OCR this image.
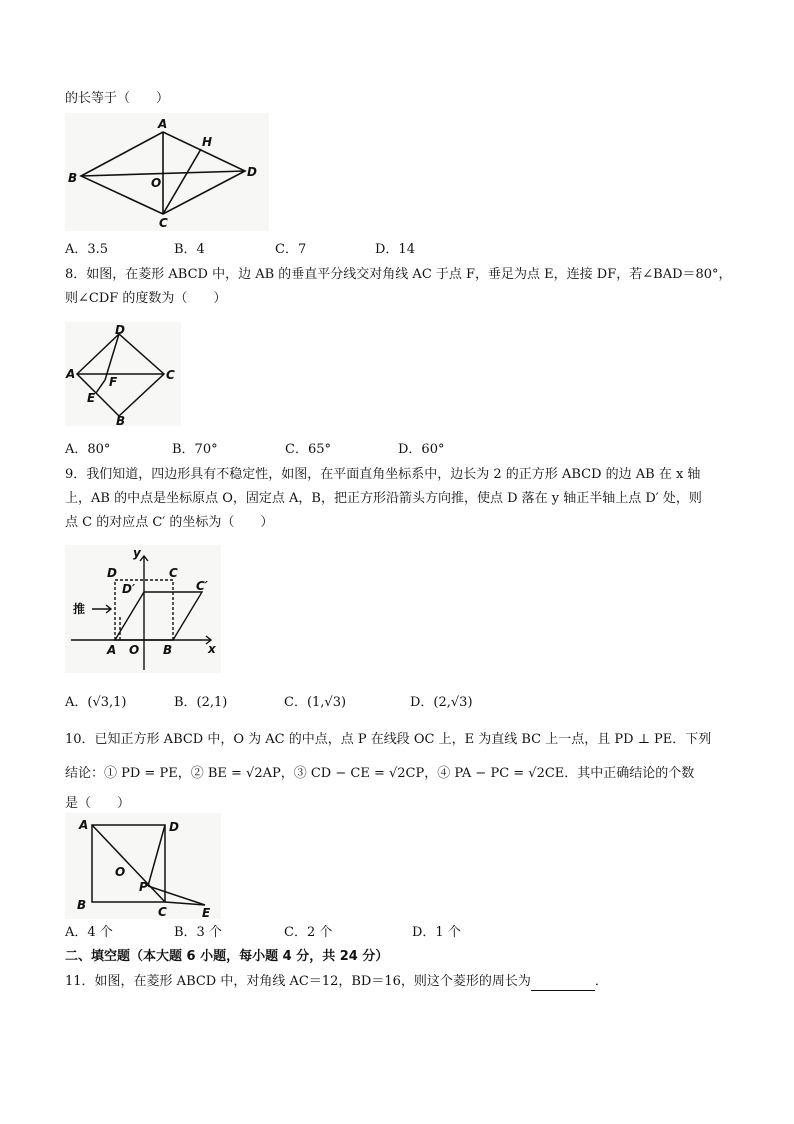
的长等于（　　）
A
H
B	O
D
C
A．3.5	B．4	C．7	D．14
8．如图，在菱形 ABCD 中，边 AB 的垂直平分线交对角线 AC 于点 F，垂足为点 E，连接 DF，若∠BAD＝80°，
则∠CDF 的度数为（　　）
D
A
F	C
E
B
A．80°	B．70°	C．65°	D．60°
9．我们知道，四边形具有不稳定性，如图，在平面直角坐标系中，边长为 2 的正方形 ABCD 的边 AB 在 x 轴
上，AB 的中点是坐标原点 O，固定点 A，B，把正方形沿箭头方向推，使点 D 落在 y 轴正半轴上点 D′ 处，则
点 C 的对应点 C′ 的坐标为（　　）
y
D	C
D′	C′
推
A O B	x
A．(√3,1)	B．(2,1)	C．(1,√3)	D．(2,√3)
10．已知正方形 ABCD 中，O 为 AC 的中点，点 P 在线段 OC 上，E 为直线 BC 上一点，且 PD ⊥ PE．下列
结论：① PD = PE，② BE = √2AP，③ CD − CE = √2CP，④ PA − PC = √2CE．其中正确结论的个数
是（　　）
A	D
O
P
B	C	E
A．4 个	B．3 个	C．2 个	D．1 个
二、填空题（本大题 6 小题，每小题 4 分，共 24 分）
11．如图，在菱形 ABCD 中，对角线 AC＝12，BD＝16，则这个菱形的周长为	．
